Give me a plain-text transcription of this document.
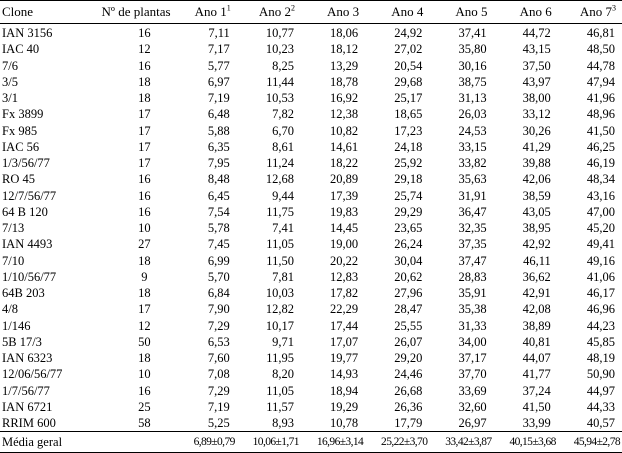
Clone	Nº de plantas	Ano $1^1$	Ano $2^2$	Ano 3	Ano 4	Ano 5	Ano 6	Ano $7^3$
IAN 3156	16	7,11	10,77	18,06	24,92	37,41	44,72	46,81
IAC 40	12	7,17	10,23	18,12	27,02	35,80	43,15	48,50
7/6	16	5,77	8,25	13,29	20,54	30,16	37,50	44,78
3/5	18	6,97	11,44	18,78	29,68	38,75	43,97	47,94
3/1	18	7,19	10,53	16,92	25,17	31,13	38,00	41,96
Fx 3899	17	6,48	7,82	12,38	18,65	26,03	33,12	48,96
Fx 985	17	5,88	6,70	10,82	17,23	24,53	30,26	41,50
IAC 56	17	6,35	8,61	14,61	24,18	33,15	41,29	46,25
1/3/56/77	17	7,95	11,24	18,22	25,92	33,82	39,88	46,19
RO 45	16	8,48	12,68	20,89	29,18	35,63	42,06	48,34
12/7/56/77	16	6,45	9,44	17,39	25,74	31,91	38,59	43,16
64 B 120	16	7,54	11,75	19,83	29,29	36,47	43,05	47,00
7/13	10	5,78	7,41	14,45	23,65	32,35	38,95	45,20
IAN 4493	27	7,45	11,05	19,00	26,24	37,35	42,92	49,41
7/10	18	6,99	11,50	20,22	30,04	37,47	46,11	49,16
1/10/56/77	9	5,70	7,81	12,83	20,62	28,83	36,62	41,06
64B 203	18	6,84	10,03	17,82	27,96	35,91	42,91	46,17
4/8	17	7,90	12,82	22,29	28,47	35,38	42,08	46,96
1/146	12	7,29	10,17	17,44	25,55	31,33	38,89	44,23
5B 17/3	50	6,53	9,71	17,07	26,07	34,00	40,81	45,85
IAN 6323	18	7,60	11,95	19,77	29,20	37,17	44,07	48,19
12/06/56/77	10	7,08	8,20	14,93	24,46	37,70	41,77	50,90
1/7/56/77	16	7,29	11,05	18,94	26,68	33,69	37,24	44,97
IAN 6721	25	7,19	11,57	19,29	26,36	32,60	41,50	44,33
RRIM 600	58	5,25	8,93	10,78	17,79	26,97	33,99	40,57
Média geral		6,89±0,79	10,06±1,71	16,96±3,14	25,22±3,70	33,42±3,87	40,15±3,68	45,94±2,78
